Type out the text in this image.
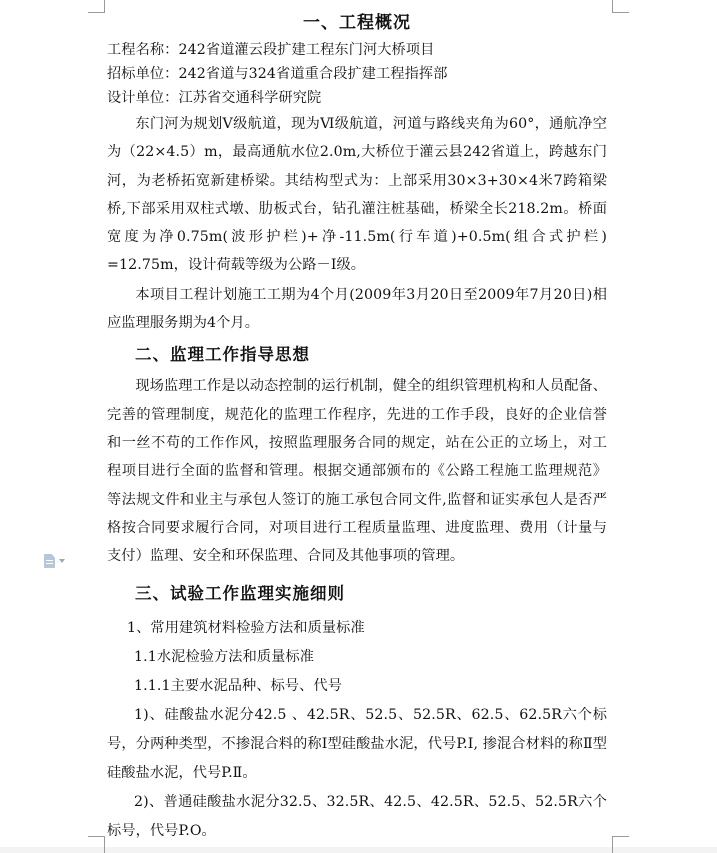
一、工程概况

工程名称：242省道灌云段扩建工程东门河大桥项目

招标单位：242省道与324省道重合段扩建工程指挥部

设计单位：江苏省交通科学研究院

东门河为规划Ⅴ级航道，现为Ⅵ级航道，河道与路线夹角为60°，通航净空为（22×4.5）m，最高通航水位2.0m,大桥位于灌云县242省道上，跨越东门河，为老桥拓宽新建桥梁。其结构型式为：上部采用30×3+30×4米7跨箱梁桥,下部采用双柱式墩、肋板式台，钻孔灌注桩基础，桥梁全长218.2m。桥面宽度为净0.75m(波形护栏)+净-11.5m(行车道)+0.5m(组合式护栏) =12.75m，设计荷载等级为公路－Ⅰ级。

本项目工程计划施工工期为4个月(2009年3月20日至2009年7月20日)相应监理服务期为4个月。

二、监理工作指导思想

现场监理工作是以动态控制的运行机制，健全的组织管理机构和人员配备、完善的管理制度，规范化的监理工作程序，先进的工作手段，良好的企业信誉和一丝不苟的工作作风，按照监理服务合同的规定，站在公正的立场上，对工程项目进行全面的监督和管理。根据交通部颁布的《公路工程施工监理规范》等法规文件和业主与承包人签订的施工承包合同文件,监督和证实承包人是否严格按合同要求履行合同，对项目进行工程质量监理、进度监理、费用（计量与支付）监理、安全和环保监理、合同及其他事项的管理。

三、试验工作监理实施细则

1、常用建筑材料检验方法和质量标准

1.1水泥检验方法和质量标准

1.1.1主要水泥品种、标号、代号

1)、硅酸盐水泥分42.5 、42.5R、52.5、52.5R、62.5、62.5R六个标号，分两种类型，不掺混合料的称Ⅰ型硅酸盐水泥，代号P.Ⅰ, 掺混合材料的称Ⅱ型硅酸盐水泥，代号P.Ⅱ。

2)、普通硅酸盐水泥分32.5、32.5R、42.5、42.5R、52.5、52.5R六个标号，代号P.O。
